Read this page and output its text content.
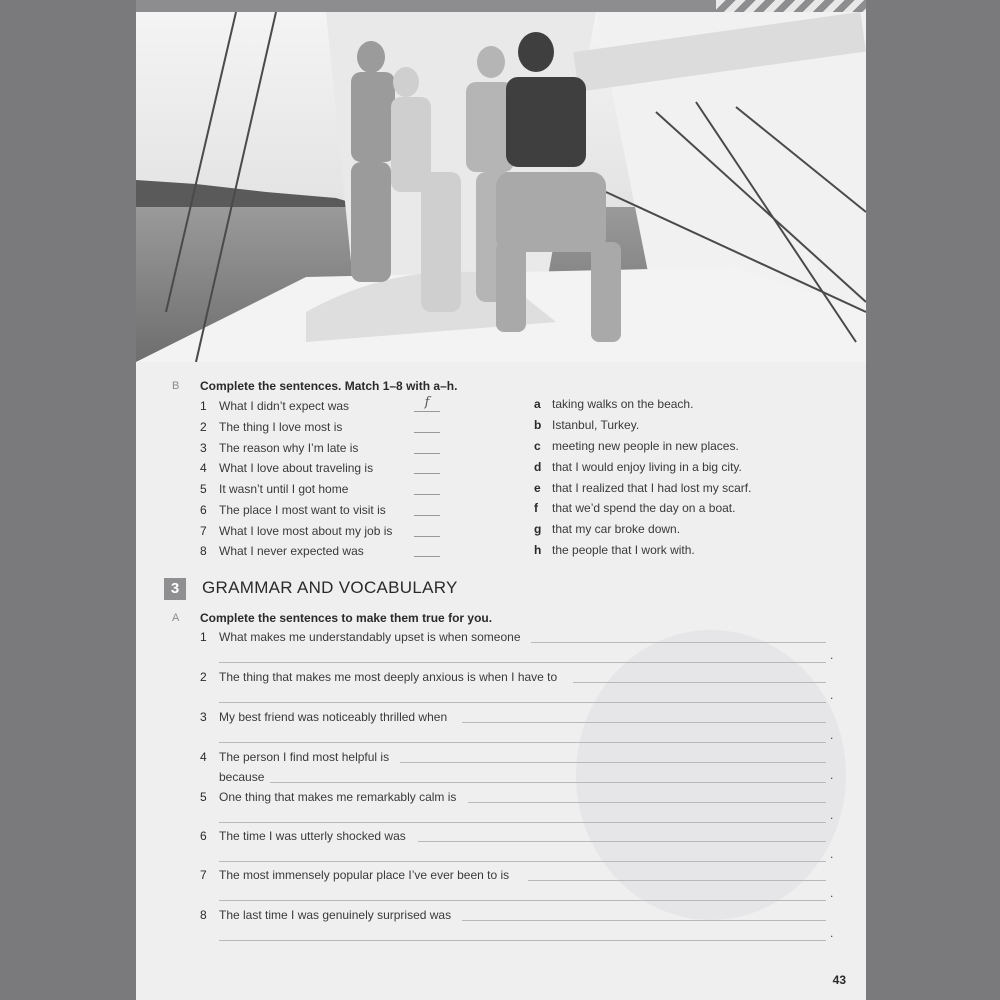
B Complete the sentences. Match 1–8 with a–h.
1 What I didn’t expect was	f
2 The thing I love most is
3 The reason why I’m late is
4 What I love about traveling is
5 It wasn’t until I got home
6 The place I most want to visit is
7 What I love most about my job is
8 What I never expected was
a taking walks on the beach.
b Istanbul, Turkey.
c meeting new people in new places.
d that I would enjoy living in a big city.
e that I realized that I had lost my scarf.
f that we’d spend the day on a boat.
g that my car broke down.
h the people that I work with.
3	GRAMMAR AND VOCABULARY
A Complete the sentences to make them true for you.
1 What makes me understandably upset is when someone
.
2 The thing that makes me most deeply anxious is when I have to
.
3 My best friend was noticeably thrilled when
.
4 The person I find most helpful is
because	.
5 One thing that makes me remarkably calm is
.
6 The time I was utterly shocked was
.
7 The most immensely popular place I’ve ever been to is
.
8 The last time I was genuinely surprised was
.
43
